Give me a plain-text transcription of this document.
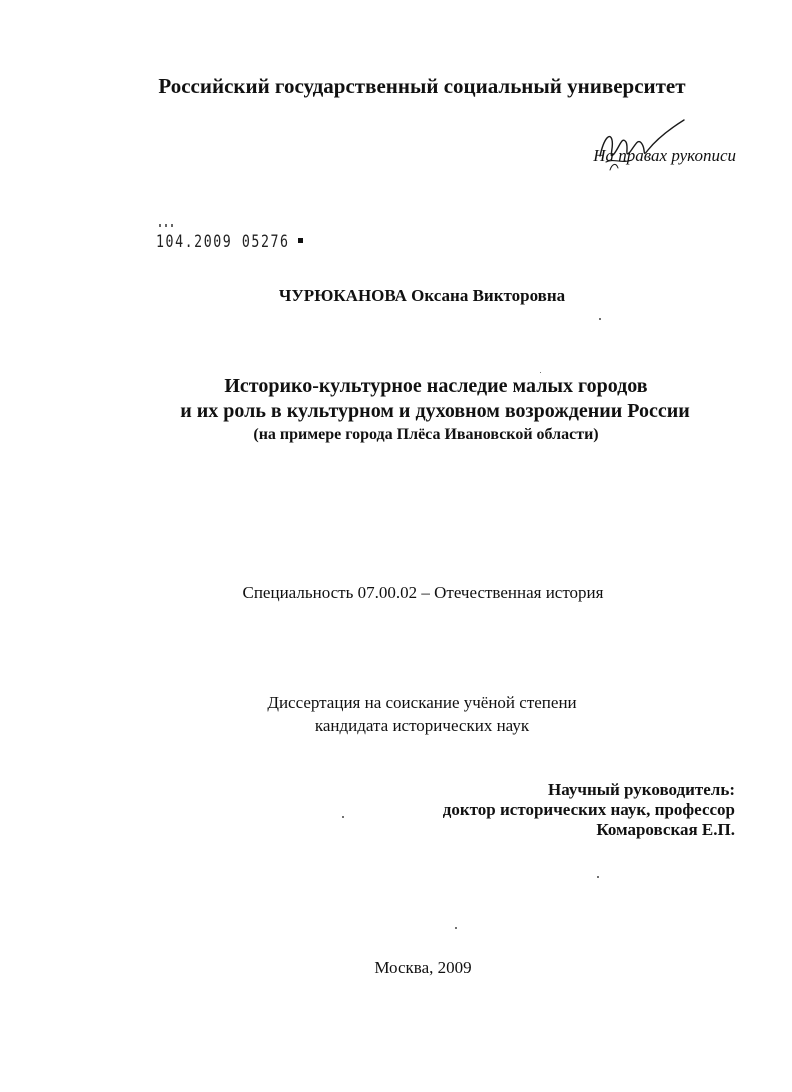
Российский государственный социальный университет
На правах рукописи
104.2009 05276
ЧУРЮКАНОВА Оксана Викторовна
Историко-культурное наследие малых городов
и их роль в культурном и духовном возрождении России
(на примере города Плёса Ивановской области)
Специальность 07.00.02 – Отечественная история
Диссертация на соискание учёной степени
кандидата исторических наук
Научный руководитель:
доктор исторических наук, профессор
Комаровская Е.П.
Москва, 2009
